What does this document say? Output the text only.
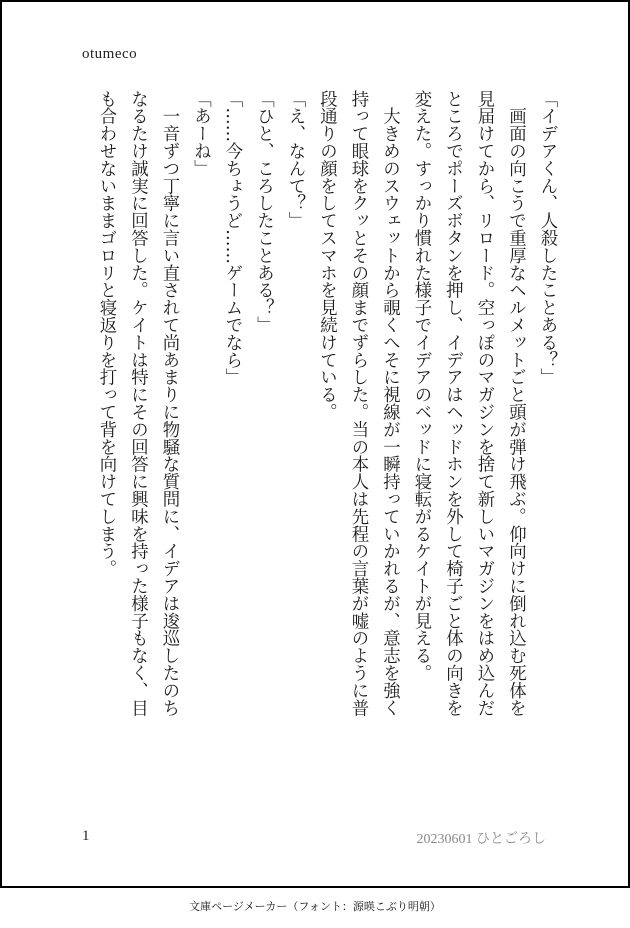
otumeco

「イデアくん、人殺したことある？」

　画面の向こうで重厚なヘルメットごと頭が弾け飛ぶ。仰向けに倒れ込む死体を

見届けてから、リロード。空っぽのマガジンを捨て新しいマガジンをはめ込んだ

ところでポーズボタンを押し、イデアはヘッドホンを外して椅子ごと体の向きを

変えた。すっかり慣れた様子でイデアのベッドに寝転がるケイトが見える。

　大きめのスウェットから覗くへそに視線が一瞬持っていかれるが、意志を強く

持って眼球をクッとその顔までずらした。当の本人は先程の言葉が嘘のように普

段通りの顔をしてスマホを見続けている。

「え、なんて？」

「ひと、ころしたことある？」

「……今ちょうど……ゲームでなら」

「あーね」

　一音ずつ丁寧に言い直されて尚あまりに物騒な質問に、イデアは逡巡したのち

なるたけ誠実に回答した。ケイトは特にその回答に興味を持った様子もなく、目

も合わせないままゴロリと寝返りを打って背を向けてしまう。

1	20230601 ひとごろし
文庫ページメーカー（フォント：源暎こぶり明朝）
